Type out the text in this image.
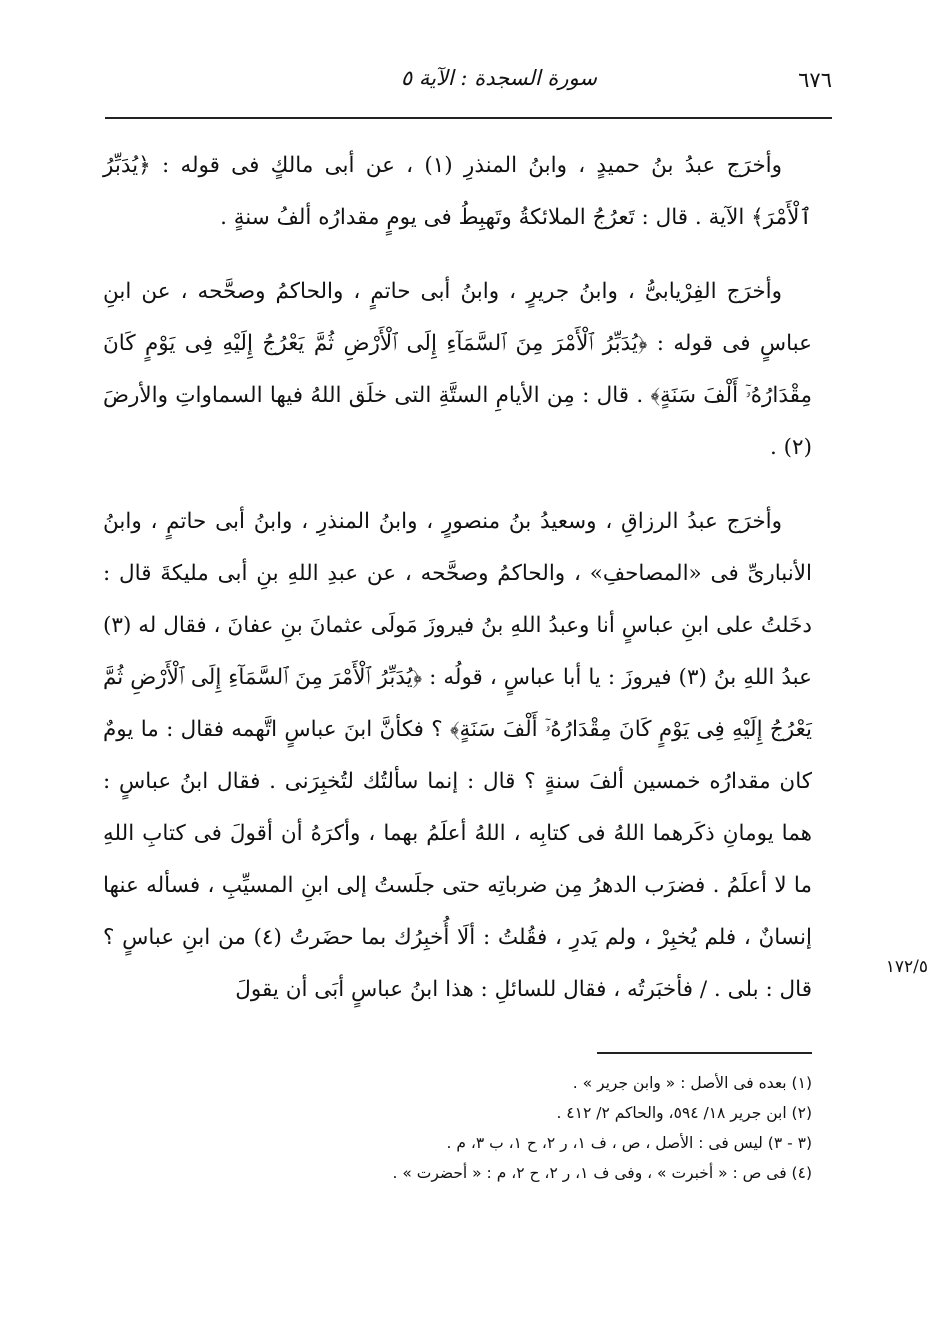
٦٧٦
سورة السجدة : الآية ٥

وأخرَج عبدُ بنُ حميدٍ ، وابنُ المنذرِ (١) ، عن أبى مالكٍ فى قوله : ﴿يُدَبِّرُ ٱلْأَمْرَ﴾ الآية . قال : تَعرُجُ الملائكةُ وتَهبِطُ فى يومٍ مقدارُه ألفُ سنةٍ .

وأخرَج الفِرْيابىُّ ، وابنُ جريرٍ ، وابنُ أبى حاتمٍ ، والحاكمُ وصحَّحه ، عن ابنِ عباسٍ فى قوله : ﴿يُدَبِّرُ ٱلْأَمْرَ مِنَ ٱلسَّمَآءِ إِلَى ٱلْأَرْضِ ثُمَّ يَعْرُجُ إِلَيْهِ فِى يَوْمٍ كَانَ مِقْدَارُهُۥٓ أَلْفَ سَنَةٍ﴾ . قال : مِن الأيامِ الستَّةِ التى خلَق اللهُ فيها السماواتِ والأرضَ (٢) .

وأخرَج عبدُ الرزاقِ ، وسعيدُ بنُ منصورٍ ، وابنُ المنذرِ ، وابنُ أبى حاتمٍ ، وابنُ الأنبارىِّ فى «المصاحفِ» ، والحاكمُ وصحَّحه ، عن عبدِ اللهِ بنِ أبى مليكةَ قال : دخَلتُ على ابنِ عباسٍ أنا وعبدُ اللهِ بنُ فيروزَ مَولَى عثمانَ بنِ عفانَ ، فقال له (٣) عبدُ اللهِ بنُ (٣) فيروزَ : يا أبا عباسٍ ، قولُه : ﴿يُدَبِّرُ ٱلْأَمْرَ مِنَ ٱلسَّمَآءِ إِلَى ٱلْأَرْضِ ثُمَّ يَعْرُجُ إِلَيْهِ فِى يَوْمٍ كَانَ مِقْدَارُهُۥٓ أَلْفَ سَنَةٍ﴾ ؟ فكأنَّ ابنَ عباسٍ اتَّهمه فقال : ما يومٌ كان مقدارُه خمسين ألفَ سنةٍ ؟ قال : إنما سألتُك لتُخبِرَنى . فقال ابنُ عباسٍ : هما يومانِ ذكَرهما اللهُ فى كتابِه ، اللهُ أعلَمُ بهما ، وأكرَهُ أن أقولَ فى كتابِ اللهِ ما لا أعلَمُ . فضرَب الدهرُ مِن ضرباتِه حتى جلَستُ إلى ابنِ المسيِّبِ ، فسأله عنها إنسانٌ ، فلم يُخبِرْ ، ولم يَدرِ ، فقُلتُ : ألَا أُخبِرُك بما حضَرتُ (٤) من ابنِ عباسٍ ؟ قال : بلى . / فأخبَرتُه ، فقال للسائلِ : هذا ابنُ عباسٍ أبَى أن يقولَ

١٧٢/٥

(١) بعده فى الأصل : « وابن جرير » .

(٢) ابن جرير ١٨/ ٥٩٤، والحاكم ٢/ ٤١٢ .

(٣ - ٣) ليس فى : الأصل ، ص ، ف ١، ر ٢، ح ١، ب ٣، م .

(٤) فى ص : « أخبرت » ، وفى ف ١، ر ٢، ح ٢، م : « أحضرت » .
